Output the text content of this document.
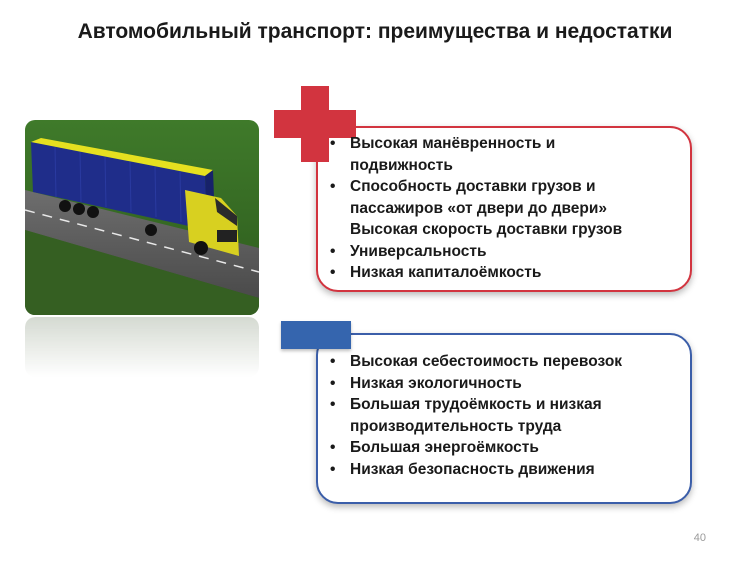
Автомобильный транспорт: преимущества и недостатки
• Высокая манёвренность и
подвижность
• Способность доставки грузов и
пассажиров «от двери до двери»
Высокая скорость доставки грузов
• Универсальность
• Низкая капиталоёмкость
• Высокая себестоимость перевозок
• Низкая экологичность
• Большая трудоёмкость и низкая
производительность труда
• Большая энергоёмкость
• Низкая безопасность движения
40
